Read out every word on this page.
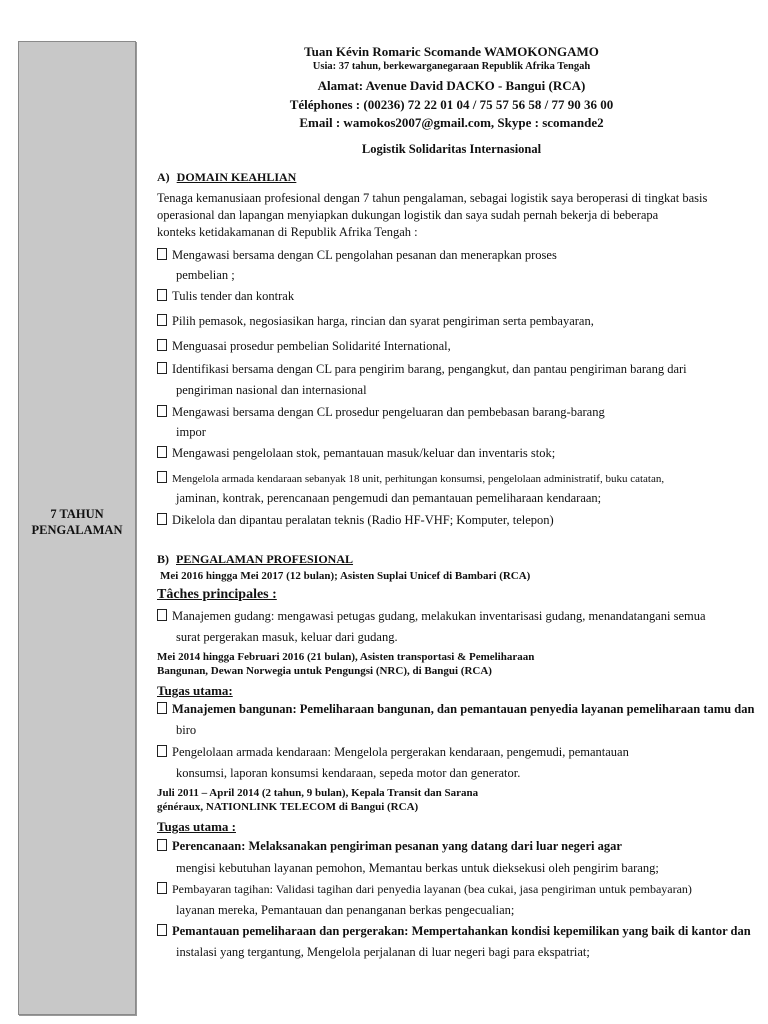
7 TAHUN
PENGALAMAN
Tuan Kévin Romaric Scomande WAMOKONGAMO
Usia: 37 tahun, berkewarganegaraan Republik Afrika Tengah
Alamat: Avenue David DACKO - Bangui (RCA)
Téléphones : (00236) 72 22 01 04 / 75 57 56 58 / 77 90 36 00
Email : wamokos2007@gmail.com, Skype : scomande2
Logistik Solidaritas Internasional
A) DOMAIN KEAHLIAN
Tenaga kemanusiaan profesional dengan 7 tahun pengalaman, sebagai logistik saya beroperasi di tingkat basis
operasional dan lapangan menyiapkan dukungan logistik dan saya sudah pernah bekerja di beberapa
konteks ketidakamanan di Republik Afrika Tengah :
Mengawasi bersama dengan CL pengolahan pesanan dan menerapkan proses
pembelian ;
Tulis tender dan kontrak
Pilih pemasok, negosiasikan harga, rincian dan syarat pengiriman serta pembayaran,
Menguasai prosedur pembelian Solidarité International,
Identifikasi bersama dengan CL para pengirim barang, pengangkut, dan pantau pengiriman barang dari
pengiriman nasional dan internasional
Mengawasi bersama dengan CL prosedur pengeluaran dan pembebasan barang-barang
impor
Mengawasi pengelolaan stok, pemantauan masuk/keluar dan inventaris stok;
Mengelola armada kendaraan sebanyak 18 unit, perhitungan konsumsi, pengelolaan administratif, buku catatan,
jaminan, kontrak, perencanaan pengemudi dan pemantauan pemeliharaan kendaraan;
Dikelola dan dipantau peralatan teknis (Radio HF-VHF; Komputer, telepon)
B) PENGALAMAN PROFESIONAL
Mei 2016 hingga Mei 2017 (12 bulan); Asisten Suplai Unicef di Bambari (RCA)
Tâches principales :
Manajemen gudang: mengawasi petugas gudang, melakukan inventarisasi gudang, menandatangani semua
surat pergerakan masuk, keluar dari gudang.
Mei 2014 hingga Februari 2016 (21 bulan), Asisten transportasi & Pemeliharaan
Bangunan, Dewan Norwegia untuk Pengungsi (NRC), di Bangui (RCA)
Tugas utama:
Manajemen bangunan: Pemeliharaan bangunan, dan pemantauan penyedia layanan pemeliharaan tamu dan
biro
Pengelolaan armada kendaraan: Mengelola pergerakan kendaraan, pengemudi, pemantauan
konsumsi, laporan konsumsi kendaraan, sepeda motor dan generator.
Juli 2011 – April 2014 (2 tahun, 9 bulan), Kepala Transit dan Sarana
généraux, NATIONLINK TELECOM di Bangui (RCA)
Tugas utama :
Perencanaan: Melaksanakan pengiriman pesanan yang datang dari luar negeri agar
mengisi kebutuhan layanan pemohon, Memantau berkas untuk dieksekusi oleh pengirim barang;
Pembayaran tagihan: Validasi tagihan dari penyedia layanan (bea cukai, jasa pengiriman untuk pembayaran)
layanan mereka, Pemantauan dan penanganan berkas pengecualian;
Pemantauan pemeliharaan dan pergerakan: Mempertahankan kondisi kepemilikan yang baik di kantor dan
instalasi yang tergantung, Mengelola perjalanan di luar negeri bagi para ekspatriat;
